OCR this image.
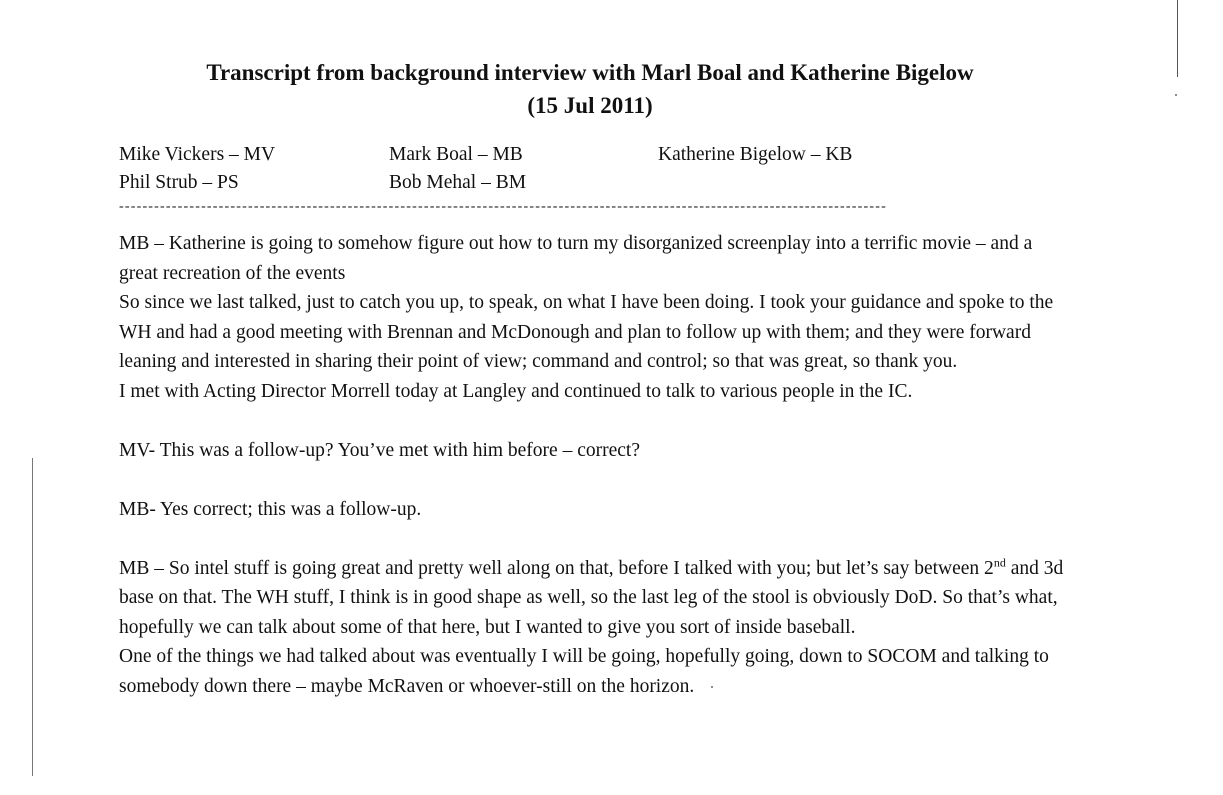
Transcript from background interview with Marl Boal and Katherine Bigelow
(15 Jul 2011)
Mike Vickers – MV	Mark Boal – MB	Katherine Bigelow – KB
Phil Strub – PS	Bob Mehal – BM
-----------------------------------------------------------------------------------------------------------------------------------

MB – Katherine is going to somehow figure out how to turn my disorganized screenplay into a terrific movie – and a great recreation of the events

So since we last talked, just to catch you up, to speak, on what I have been doing. I took your guidance and spoke to the WH and had a good meeting with Brennan and McDonough and plan to follow up with them; and they were forward leaning and interested in sharing their point of view; command and control; so that was great, so thank you.

I met with Acting Director Morrell today at Langley and continued to talk to various people in the IC.

MV- This was a follow-up? You’ve met with him before – correct?

MB- Yes correct; this was a follow-up.

MB – So intel stuff is going great and pretty well along on that, before I talked with you; but let’s say between 2nd and 3d base on that. The WH stuff, I think is in good shape as well, so the last leg of the stool is obviously DoD. So that’s what, hopefully we can talk about some of that here, but I wanted to give you sort of inside baseball.

One of the things we had talked about was eventually I will be going, hopefully going, down to SOCOM and talking to somebody down there – maybe McRaven or whoever-still on the horizon.
